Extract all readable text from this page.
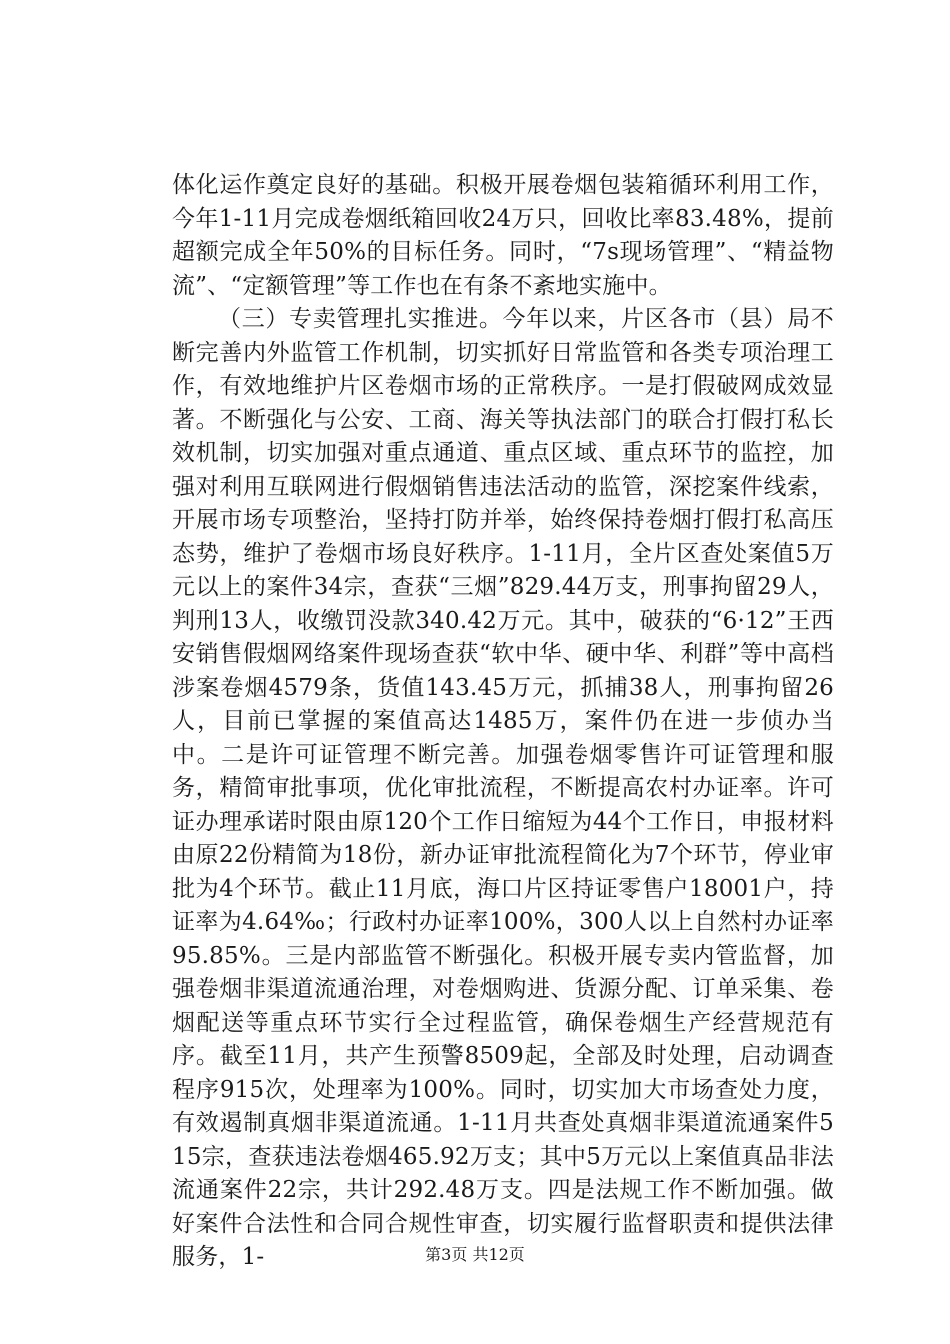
体化运作奠定良好的基础。积极开展卷烟包装箱循环利用工作，今年1-11月完成卷烟纸箱回收24万只，回收比率83.48%，提前超额完成全年50%的目标任务。同时，“7s现场管理”、“精益物流”、“定额管理”等工作也在有条不紊地实施中。

（三）专卖管理扎实推进。今年以来，片区各市（县）局不断完善内外监管工作机制，切实抓好日常监管和各类专项治理工作，有效地维护片区卷烟市场的正常秩序。一是打假破网成效显著。不断强化与公安、工商、海关等执法部门的联合打假打私长效机制，切实加强对重点通道、重点区域、重点环节的监控，加强对利用互联网进行假烟销售违法活动的监管，深挖案件线索，开展市场专项整治，坚持打防并举，始终保持卷烟打假打私高压态势，维护了卷烟市场良好秩序。1-11月，全片区查处案值5万元以上的案件34宗，查获“三烟”829.44万支，刑事拘留29人，判刑13人，收缴罚没款340.42万元。其中，破获的“6·12”王西安销售假烟网络案件现场查获“软中华、硬中华、利群”等中高档涉案卷烟4579条，货值143.45万元，抓捕38人，刑事拘留26人，目前已掌握的案值高达1485万，案件仍在进一步侦办当中。二是许可证管理不断完善。加强卷烟零售许可证管理和服务，精简审批事项，优化审批流程，不断提高农村办证率。许可证办理承诺时限由原120个工作日缩短为44个工作日，申报材料由原22份精简为18份，新办证审批流程简化为7个环节，停业审批为4个环节。截止11月底，海口片区持证零售户18001户，持证率为4.64‰；行政村办证率100%，300人以上自然村办证率95.85%。三是内部监管不断强化。积极开展专卖内管监督，加强卷烟非渠道流通治理，对卷烟购进、货源分配、订单采集、卷烟配送等重点环节实行全过程监管，确保卷烟生产经营规范有序。截至11月，共产生预警8509起，全部及时处理，启动调查程序915次，处理率为100%。同时，切实加大市场查处力度，有效遏制真烟非渠道流通。1-11月共查处真烟非渠道流通案件515宗，查获违法卷烟465.92万支；其中5万元以上案值真品非法流通案件22宗，共计292.48万支。四是法规工作不断加强。做好案件合法性和合同合规性审查，切实履行监督职责和提供法律服务，1-	第3页 共12页
